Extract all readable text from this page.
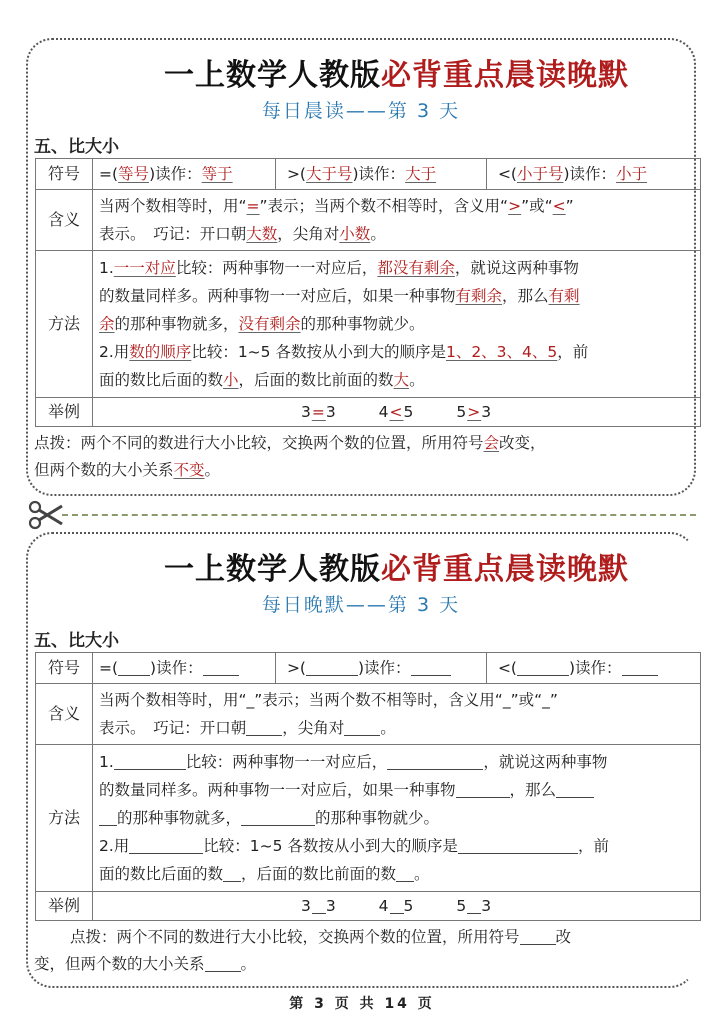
一上数学人教版必背重点晨读晚默
每日晨读——第 3 天
五、比大小
符号	=(等号)读作：等于	>(大于号)读作：大于	<(小于号)读作：小于
含义	当两个数相等时，用“=”表示；当两个数不相等时，含义用“>”或“<”
表示。　巧记：开口朝大数，尖角对小数。		
方法	1.一一对应比较：两种事物一一对应后，都没有剩余，就说这两种事物
的数量同样多。两种事物一一对应后，如果一种事物有剩余，那么有剩
余的那种事物就多，没有剩余的那种事物就少。
2.用数的顺序比较：1~5 各数按从小到大的顺序是1、2、3、4、5，前
面的数比后面的数小，后面的数比前面的数大。		
举例	3=3 4<5 5>3		
点拨：两个不同的数进行大小比较，交换两个数的位置，所用符号会改变，
但两个数的大小关系不变。
一上数学人教版必背重点晨读晚默
每日晚默——第 3 天
五、比大小
符号	=( )读作：	>( )读作：	<( )读作：
含义	当两个数相等时，用“_”表示；当两个数不相等时，含义用“_”或“_”
表示。　巧记：开口朝 ，尖角对 。		
方法	1. 比较：两种事物一一对应后， ，就说这两种事物
的数量同样多。两种事物一一对应后，如果一种事物 ，那么
的那种事物就多， 的那种事物就少。
2.用 比较：1~5 各数按从小到大的顺序是 ，前
面的数比后面的数 ，后面的数比前面的数 。		
举例	3 3 4 5 5 3		
点拨：两个不同的数进行大小比较，交换两个数的位置，所用符号 改
变，但两个数的大小关系 。
第 3 页 共 14 页
